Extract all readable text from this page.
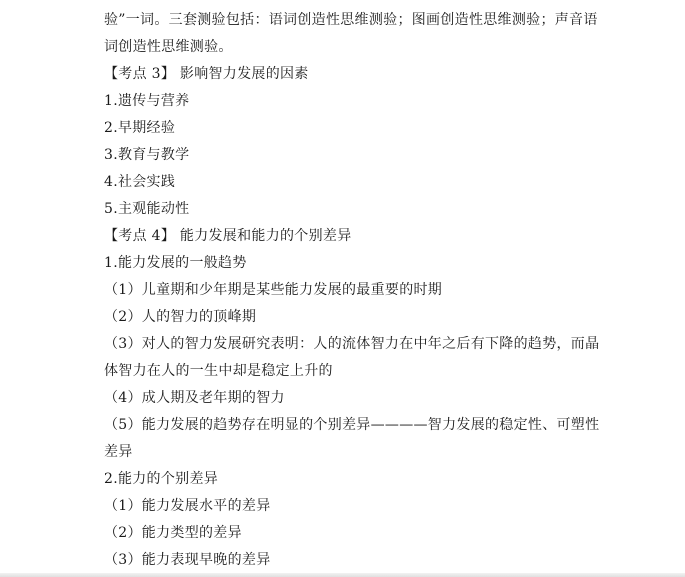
验”一词。三套测验包括：语词创造性思维测验；图画创造性思维测验；声音语
词创造性思维测验。
【考点 3】 影响智力发展的因素
1.遗传与营养
2.早期经验
3.教育与教学
4.社会实践
5.主观能动性
【考点 4】 能力发展和能力的个别差异
1.能力发展的一般趋势
（1）儿童期和少年期是某些能力发展的最重要的时期
（2）人的智力的顶峰期
（3）对人的智力发展研究表明：人的流体智力在中年之后有下降的趋势，而晶
体智力在人的一生中却是稳定上升的
（4）成人期及老年期的智力
（5）能力发展的趋势存在明显的个别差异————智力发展的稳定性、可塑性
差异
2.能力的个别差异
（1）能力发展水平的差异
（2）能力类型的差异
（3）能力表现早晚的差异
